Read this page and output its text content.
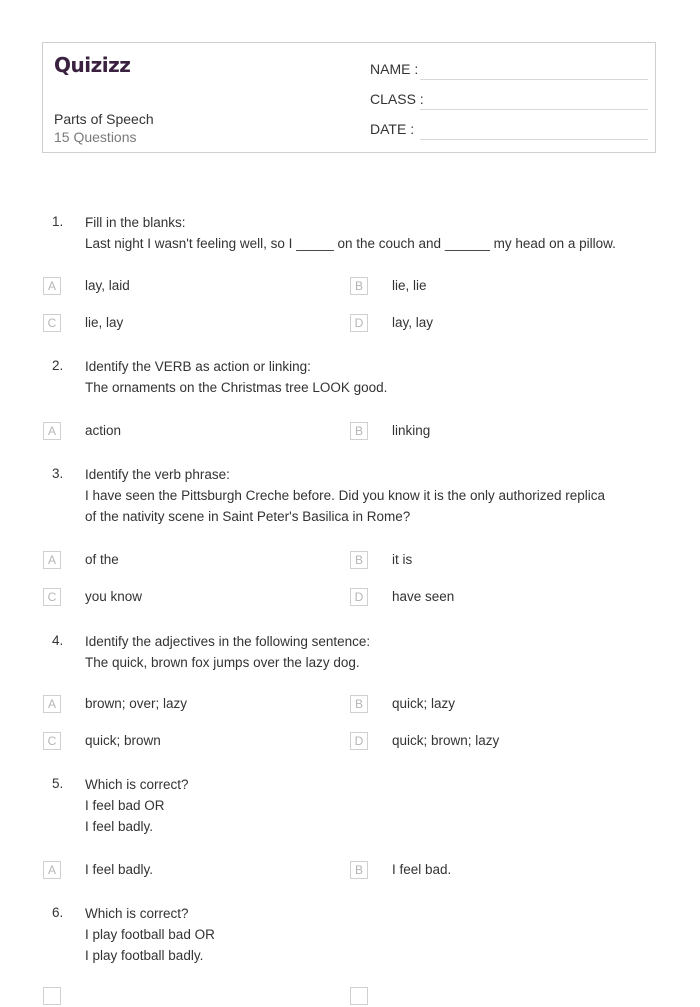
Quizizz
Parts of Speech
15 Questions
NAME :
CLASS :
DATE :
1. Fill in the blanks:
Last night I wasn't feeling well, so I _____ on the couch and ______ my head on a pillow.
A	lay, laid	B	lie, lie
C	lie, lay	D	lay, lay
2. Identify the VERB as action or linking:
The ornaments on the Christmas tree LOOK good.
A	action	B	linking
3. Identify the verb phrase:
I have seen the Pittsburgh Creche before. Did you know it is the only authorized replica
of the nativity scene in Saint Peter's Basilica in Rome?
A	of the	B	it is
C	you know	D	have seen
4. Identify the adjectives in the following sentence:
The quick, brown fox jumps over the lazy dog.
A	brown; over; lazy	B	quick; lazy
C	quick; brown	D	quick; brown; lazy
5. Which is correct?
I feel bad OR
I feel badly.
A	I feel badly.	B	I feel bad.
6. Which is correct?
I play football bad OR
I play football badly.
